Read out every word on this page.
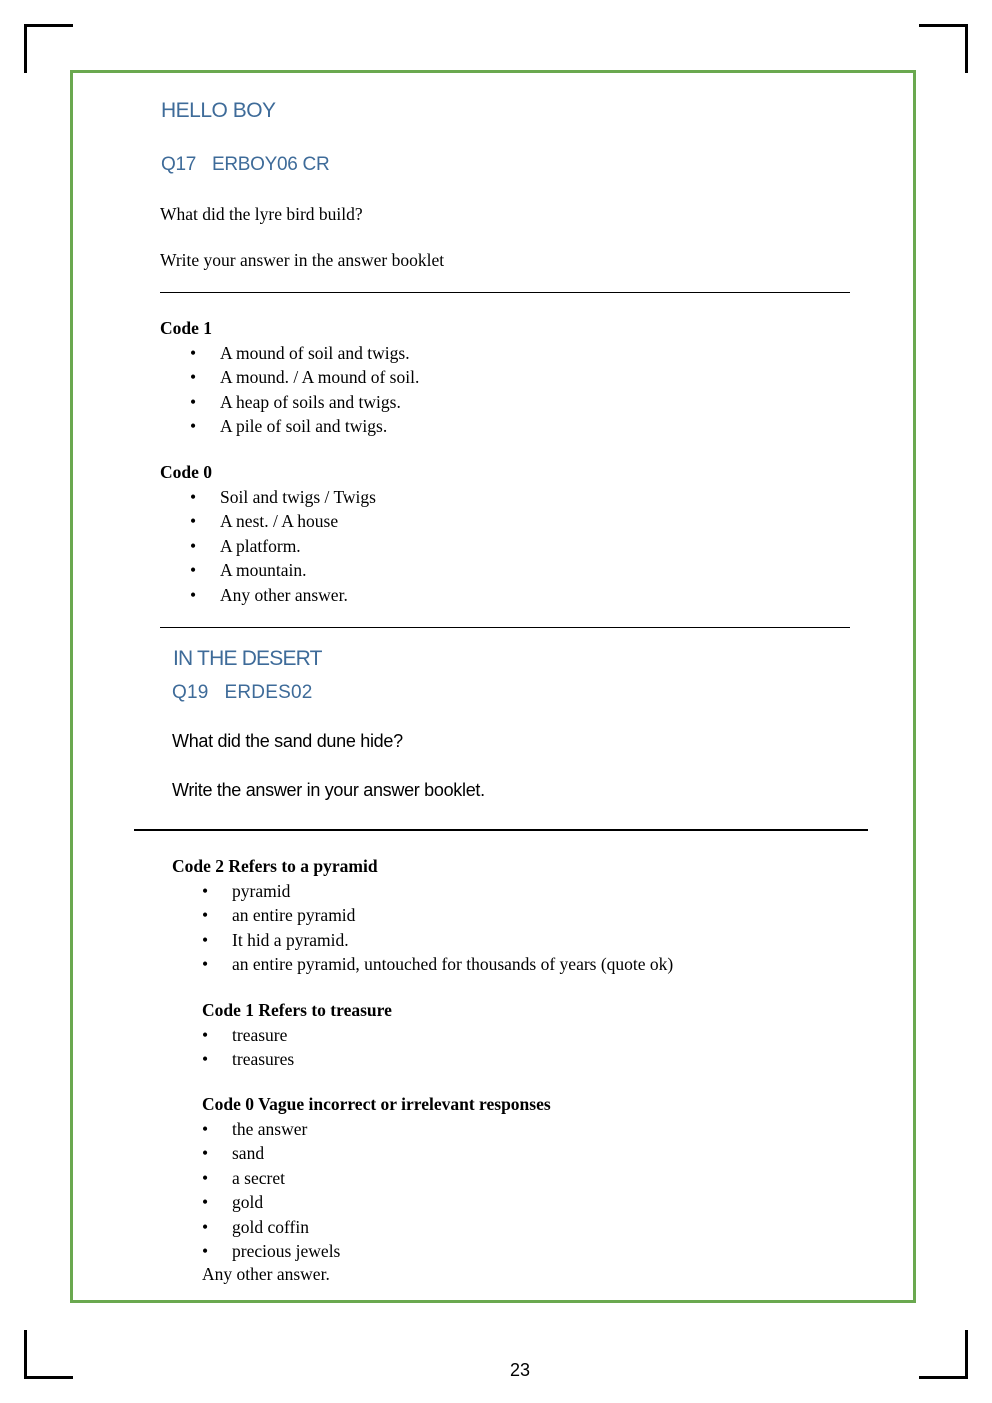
HELLO BOY
Q17 ERBOY06 CR
What did the lyre bird build?
Write your answer in the answer booklet
Code 1
• A mound of soil and twigs.
• A mound. / A mound of soil.
• A heap of soils and twigs.
• A pile of soil and twigs.
Code 0
• Soil and twigs / Twigs
• A nest. / A house
• A platform.
• A mountain.
• Any other answer.
IN THE DESERT
Q19 ERDES02
What did the sand dune hide?
Write the answer in your answer booklet.
Code 2 Refers to a pyramid
• pyramid
• an entire pyramid
• It hid a pyramid.
• an entire pyramid, untouched for thousands of years (quote ok)
Code 1 Refers to treasure
• treasure
• treasures
Code 0 Vague incorrect or irrelevant responses
• the answer
• sand
• a secret
• gold
• gold coffin
• precious jewels
Any other answer.
23
